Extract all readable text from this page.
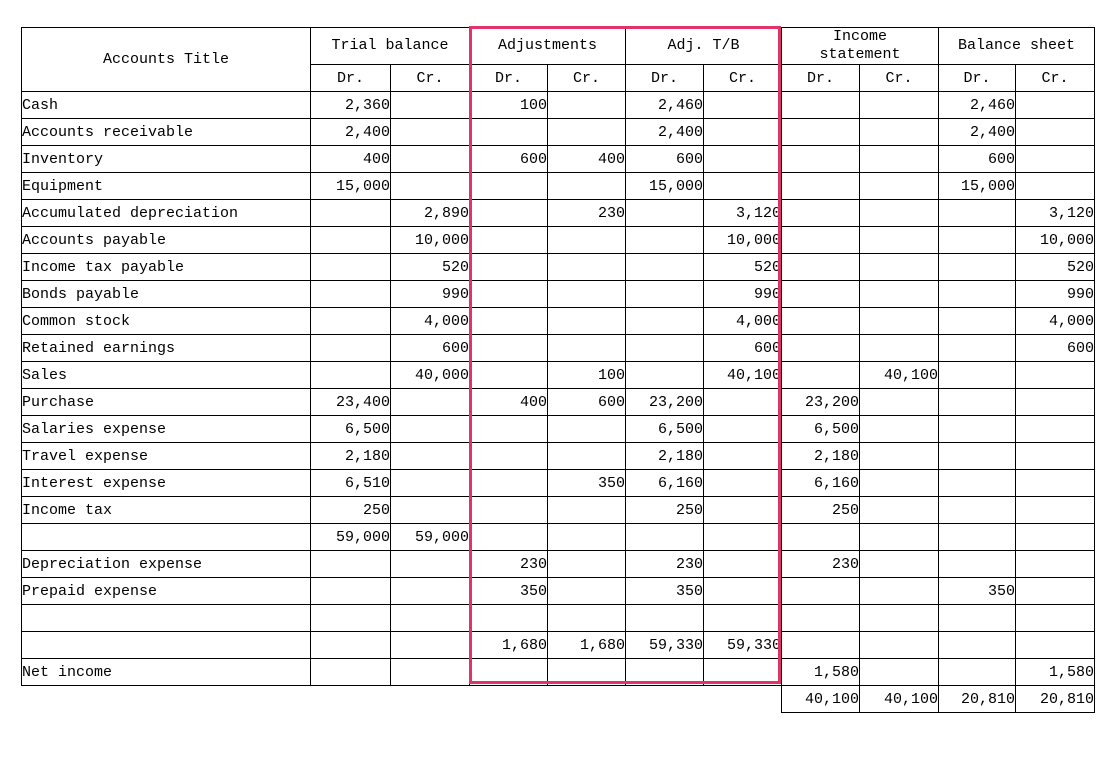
Accounts Title	Trial balance		Adjustments		Adj. T/B		Income
statement		Balance sheet	
	Dr.	Cr.	Dr.	Cr.	Dr.	Cr.	Dr.	Cr.	Dr.	Cr.
Cash	2,360		100		2,460				2,460	
Accounts receivable	2,400				2,400				2,400	
Inventory	400		600	400	600				600	
Equipment	15,000				15,000				15,000	
Accumulated depreciation		2,890		230		3,120				3,120
Accounts payable		10,000				10,000				10,000
Income tax payable		520				520				520
Bonds payable		990				990				990
Common stock		4,000				4,000				4,000
Retained earnings		600				600				600
Sales		40,000		100		40,100		40,100		
Purchase	23,400		400	600	23,200		23,200			
Salaries expense	6,500				6,500		6,500			
Travel expense	2,180				2,180		2,180			
Interest expense	6,510			350	6,160		6,160			
Income tax	250				250		250			
	59,000	59,000								
Depreciation expense			230		230		230			
Prepaid expense			350		350				350	

			1,680	1,680	59,330	59,330				
Net income							1,580			1,580
							40,100	40,100	20,810	20,810
